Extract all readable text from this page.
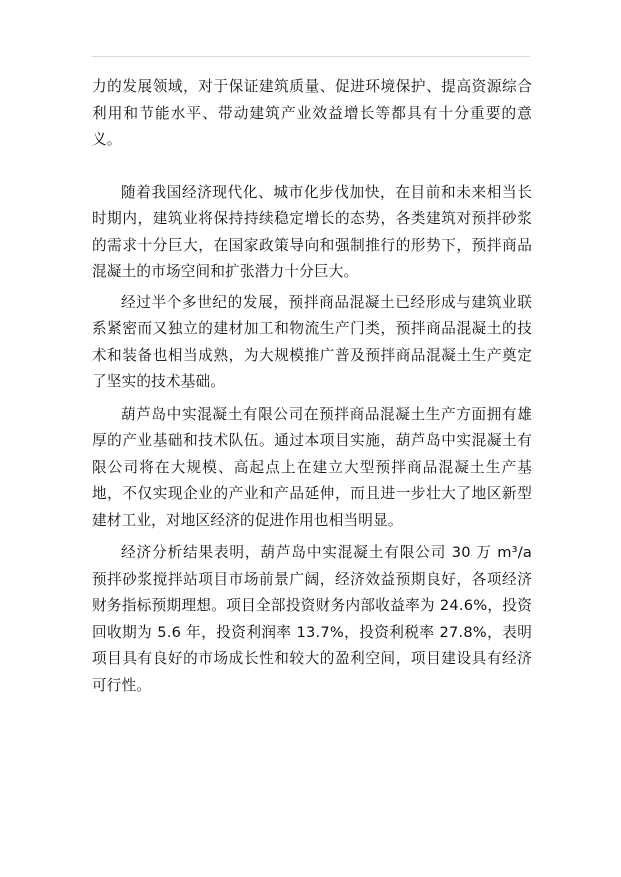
力的发展领域，对于保证建筑质量、促进环境保护、提高资源综合利用和节能水平、带动建筑产业效益增长等都具有十分重要的意义。

随着我国经济现代化、城市化步伐加快，在目前和未来相当长时期内，建筑业将保持持续稳定增长的态势，各类建筑对预拌砂浆的需求十分巨大，在国家政策导向和强制推行的形势下，预拌商品混凝土的市场空间和扩张潜力十分巨大。

经过半个多世纪的发展，预拌商品混凝土已经形成与建筑业联系紧密而又独立的建材加工和物流生产门类，预拌商品混凝土的技术和装备也相当成熟，为大规模推广普及预拌商品混凝土生产奠定了坚实的技术基础。

葫芦岛中实混凝土有限公司在预拌商品混凝土生产方面拥有雄厚的产业基础和技术队伍。通过本项目实施，葫芦岛中实混凝土有限公司将在大规模、高起点上在建立大型预拌商品混凝土生产基地，不仅实现企业的产业和产品延伸，而且进一步壮大了地区新型建材工业，对地区经济的促进作用也相当明显。

经济分析结果表明，葫芦岛中实混凝土有限公司 30 万 m³/a 预拌砂浆搅拌站项目市场前景广阔，经济效益预期良好，各项经济财务指标预期理想。项目全部投资财务内部收益率为 24.6%，投资回收期为 5.6 年，投资利润率 13.7%，投资利税率 27.8%，表明项目具有良好的市场成长性和较大的盈利空间，项目建设具有经济可行性。
